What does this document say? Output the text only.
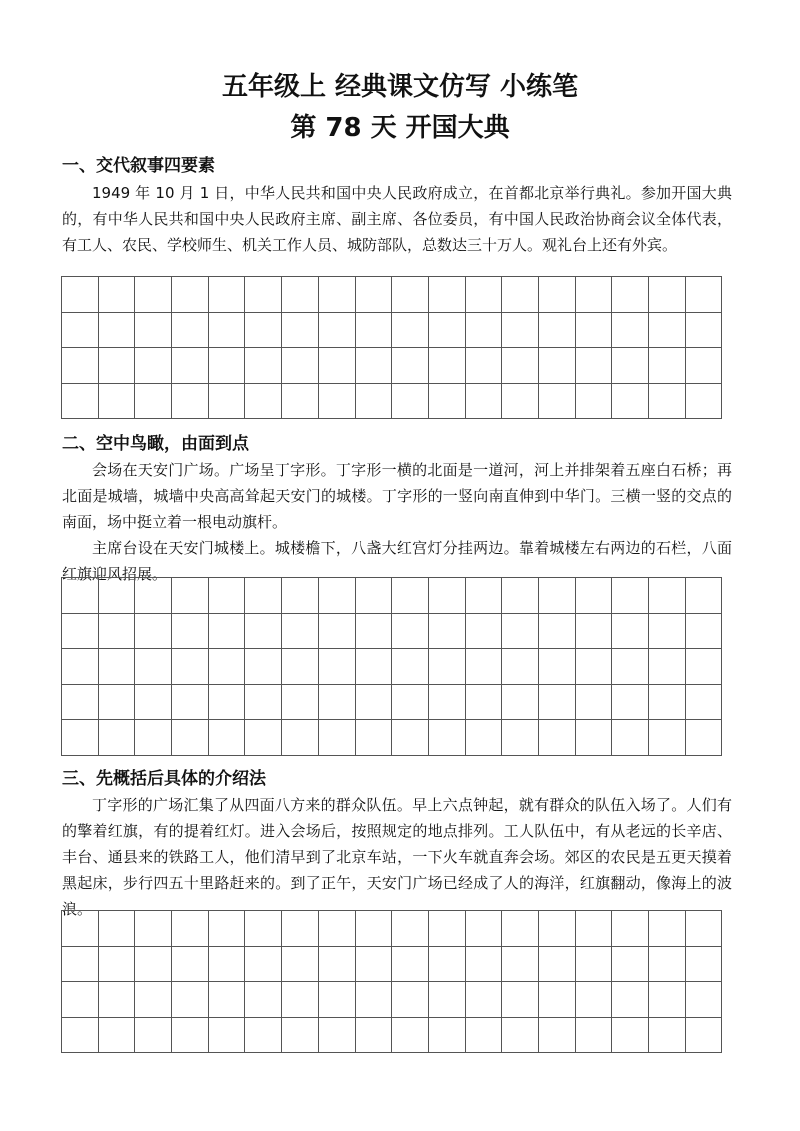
五年级上 经典课文仿写 小练笔
第 78 天 开国大典
一、交代叙事四要素

1949 年 10 月 1 日，中华人民共和国中央人民政府成立，在首都北京举行典礼。参加开国大典的，有中华人民共和国中央人民政府主席、副主席、各位委员，有中国人民政治协商会议全体代表，有工人、农民、学校师生、机关工作人员、城防部队，总数达三十万人。观礼台上还有外宾。

二、空中鸟瞰，由面到点

会场在天安门广场。广场呈丁字形。丁字形一横的北面是一道河，河上并排架着五座白石桥；再北面是城墙，城墙中央高高耸起天安门的城楼。丁字形的一竖向南直伸到中华门。三横一竖的交点的南面，场中挺立着一根电动旗杆。

主席台设在天安门城楼上。城楼檐下，八盏大红宫灯分挂两边。靠着城楼左右两边的石栏，八面红旗迎风招展。

三、先概括后具体的介绍法

丁字形的广场汇集了从四面八方来的群众队伍。早上六点钟起，就有群众的队伍入场了。人们有的擎着红旗，有的提着红灯。进入会场后，按照规定的地点排列。工人队伍中，有从老远的长辛店、丰台、通县来的铁路工人，他们清早到了北京车站，一下火车就直奔会场。郊区的农民是五更天摸着黑起床，步行四五十里路赶来的。到了正午，天安门广场已经成了人的海洋，红旗翻动，像海上的波浪。
